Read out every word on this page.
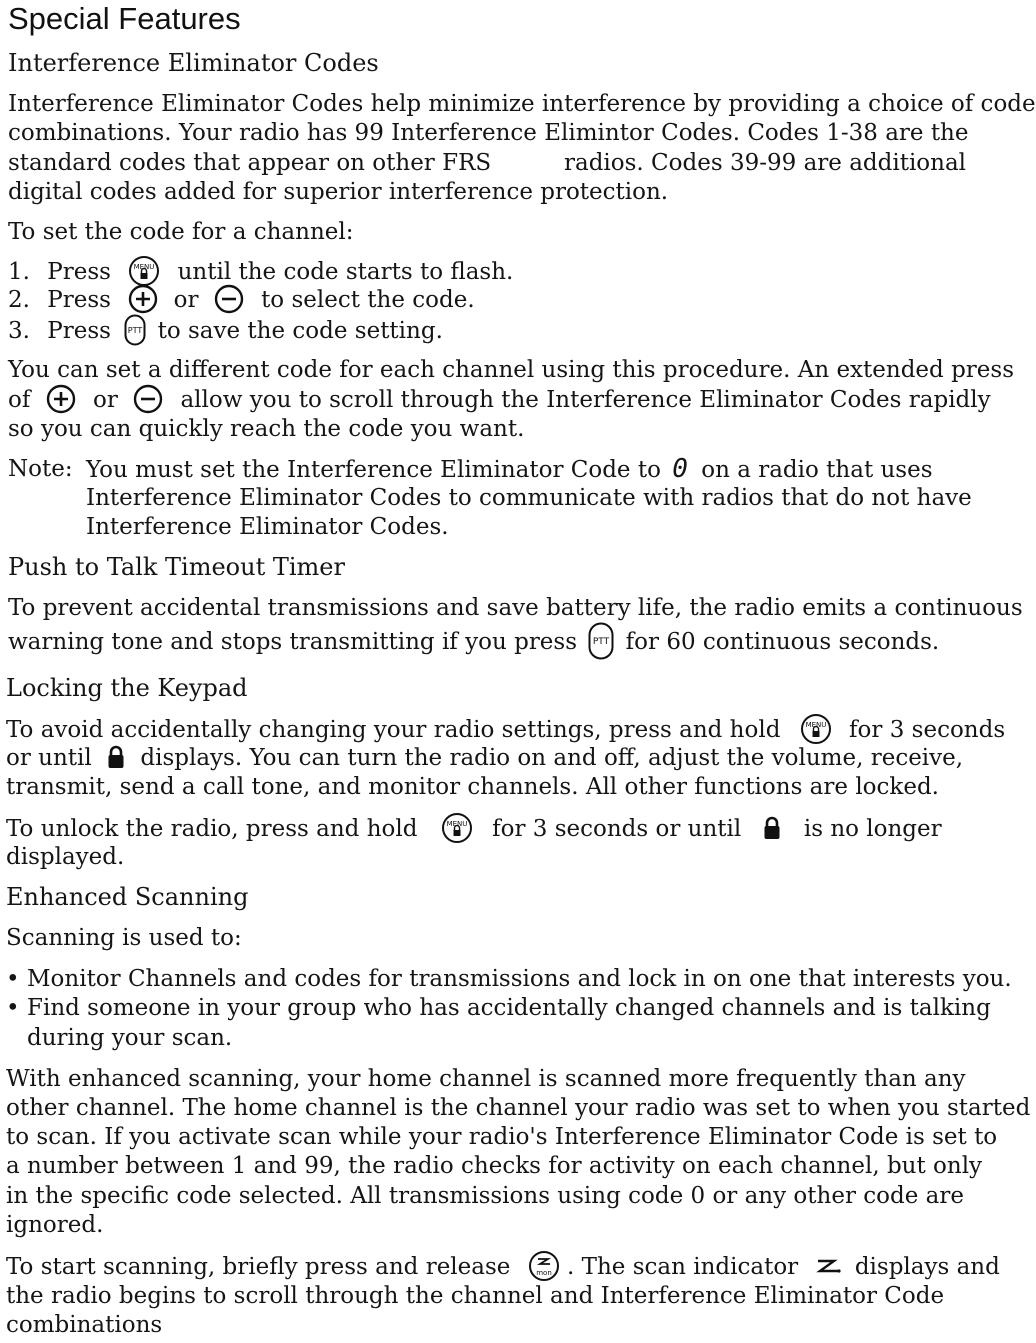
Special Features
Interference Eliminator Codes
Interference Eliminator Codes help minimize interference by providing a choice of code
combinations. Your radio has 99 Interference Elimintor Codes. Codes 1-38 are the
standard codes that appear on other FRS	radios. Codes 39-99 are additional
digital codes added for superior interference protection.
To set the code for a channel:
1. Press	MENU until the code starts to flash.
2. Press	or	to select the code.
3. Press PTT to save the code setting.
You can set a different code for each channel using this procedure. An extended press
of	or	allow you to scroll through the Interference Eliminator Codes rapidly
so you can quickly reach the code you want.
Note: You must set the Interference Eliminator Code to 0 on a radio that uses
Interference Eliminator Codes to communicate with radios that do not have
Interference Eliminator Codes.
Push to Talk Timeout Timer
To prevent accidental transmissions and save battery life, the radio emits a continuous
warning tone and stops transmitting if you press PTT for 60 continuous seconds.
Locking the Keypad
To avoid accidentally changing your radio settings, press and hold	MENU for 3 seconds
or until displays. You can turn the radio on and off, adjust the volume, receive,
transmit, send a call tone, and monitor channels. All other functions are locked.
To unlock the radio, press and hold	MENU for 3 seconds or until	is no longer
displayed.
Enhanced Scanning
Scanning is used to:
• Monitor Channels and codes for transmissions and lock in on one that interests you.
• Find someone in your group who has accidentally changed channels and is talking
during your scan.
With enhanced scanning, your home channel is scanned more frequently than any
other channel. The home channel is the channel your radio was set to when you started
to scan. If you activate scan while your radio's Interference Eliminator Code is set to
a number between 1 and 99, the radio checks for activity on each channel, but only
in the specific code selected. All transmissions using code 0 or any other code are
ignored.
To start scanning, briefly press and release	mon . The scan indicator displays and
the radio begins to scroll through the channel and Interference Eliminator Code
combinations
